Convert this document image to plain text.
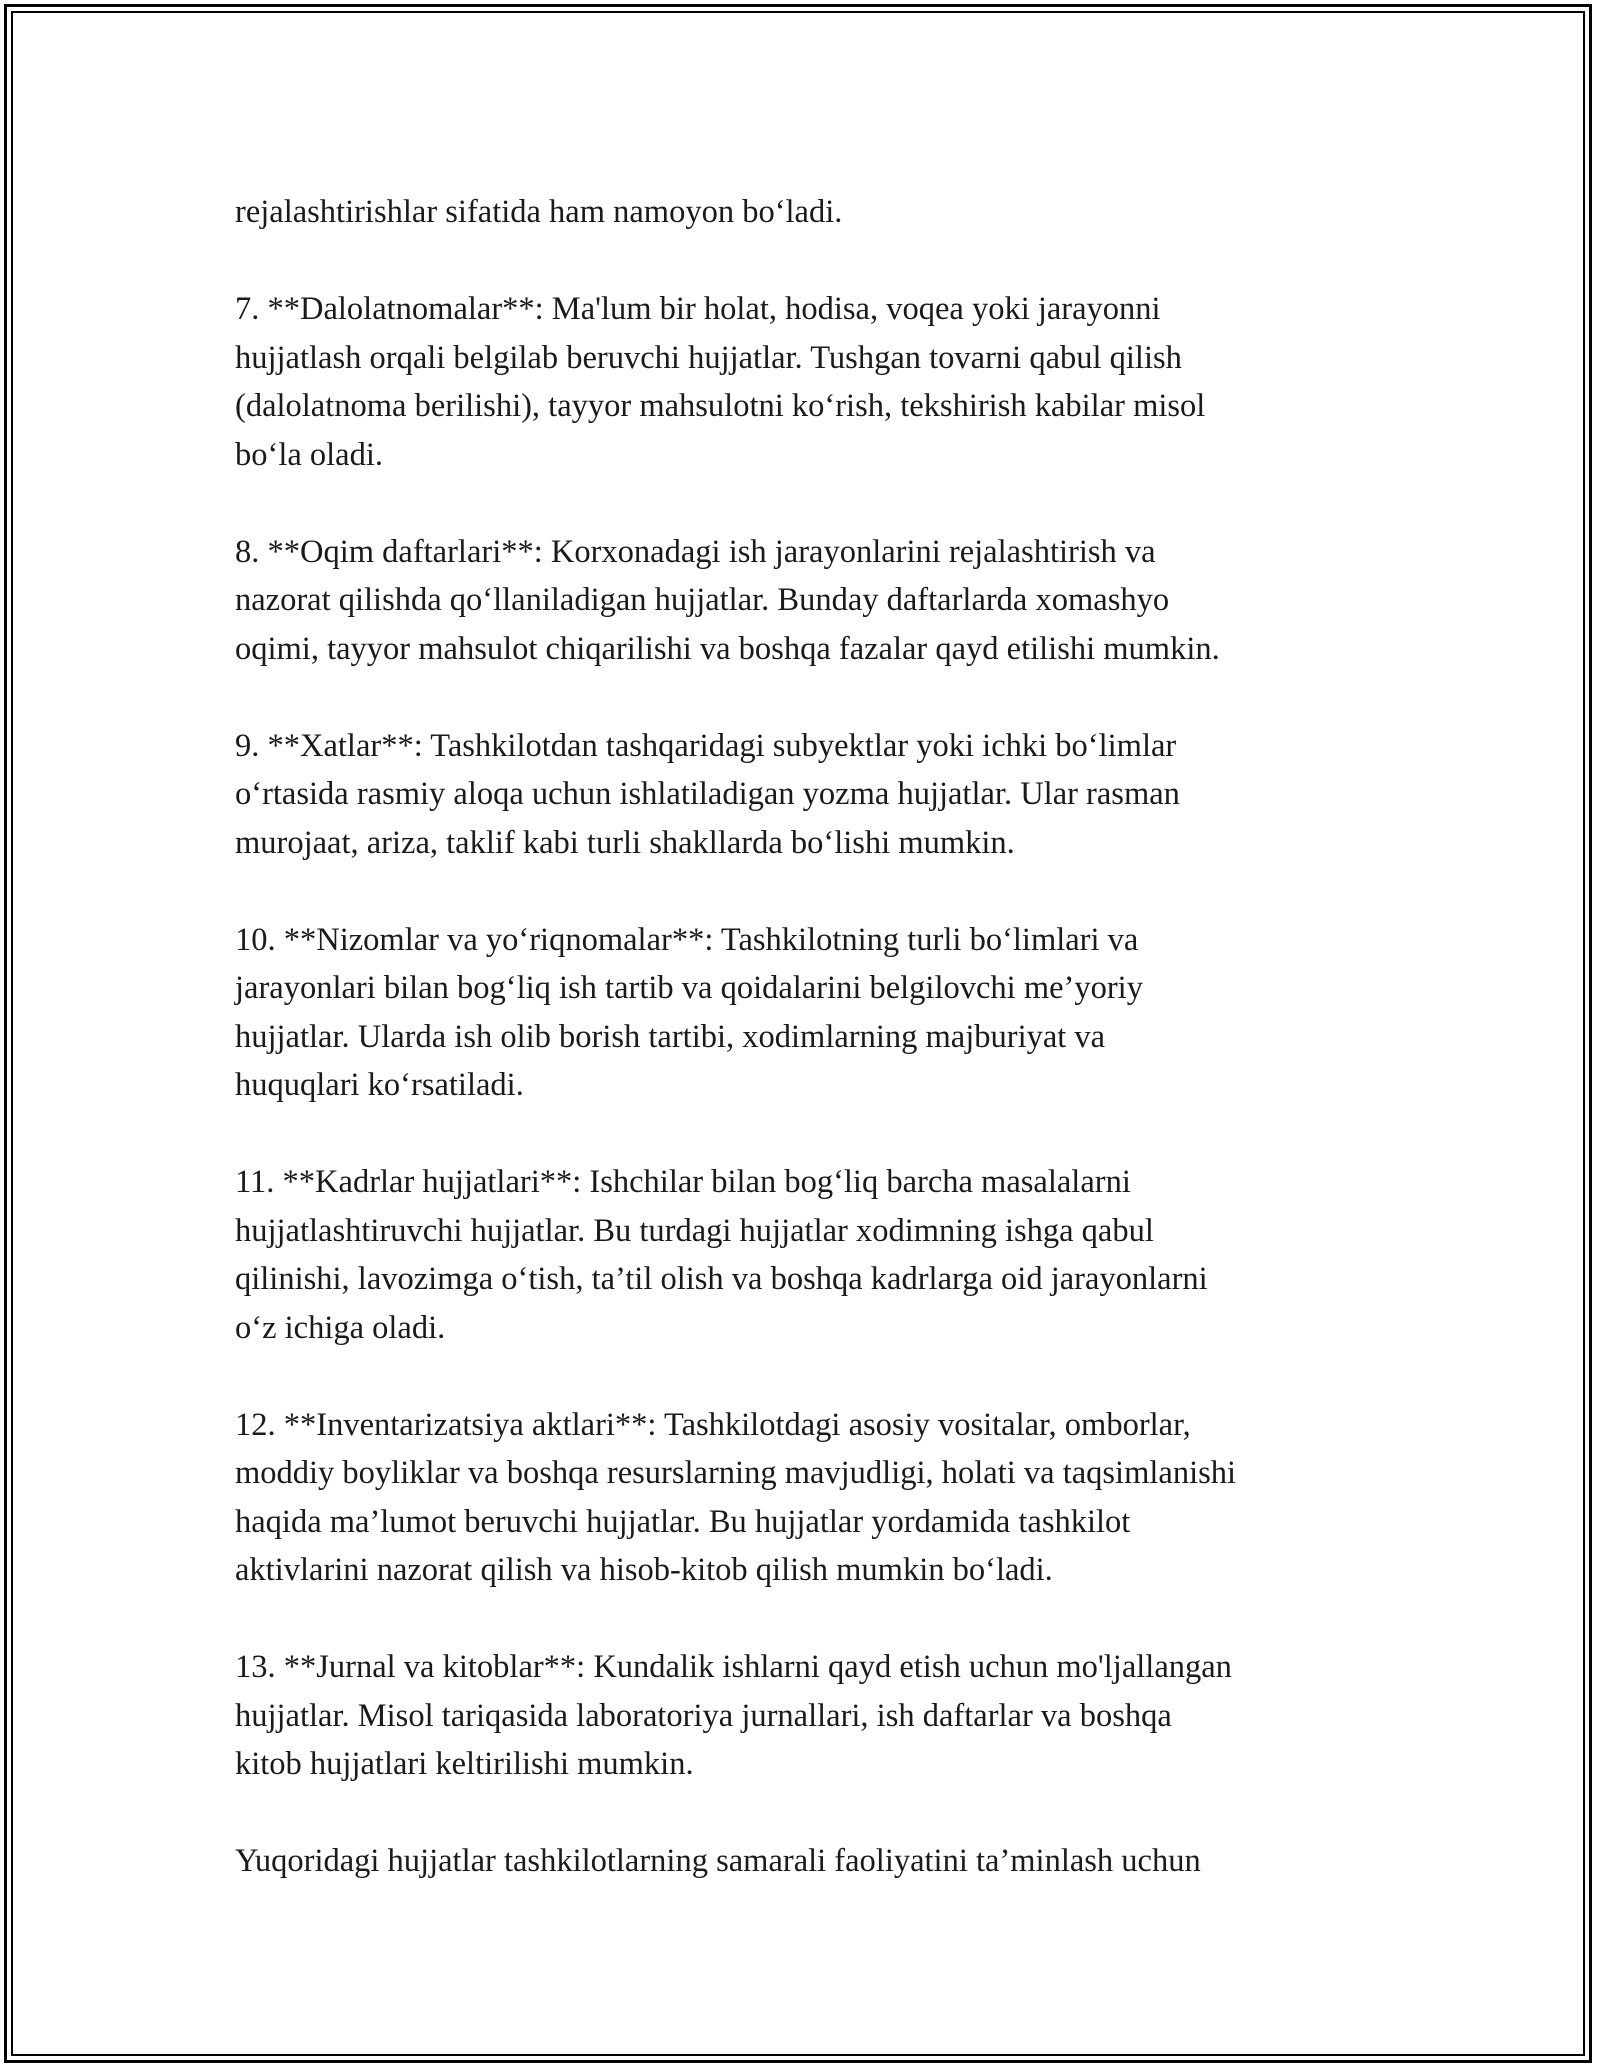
rejalashtirishlar sifatida ham namoyon bo‘ladi.

7. **Dalolatnomalar**: Ma'lum bir holat, hodisa, voqea yoki jarayonni
hujjatlash orqali belgilab beruvchi hujjatlar. Tushgan tovarni qabul qilish
(dalolatnoma berilishi), tayyor mahsulotni ko‘rish, tekshirish kabilar misol
bo‘la oladi.

8. **Oqim daftarlari**: Korxonadagi ish jarayonlarini rejalashtirish va
nazorat qilishda qo‘llaniladigan hujjatlar. Bunday daftarlarda xomashyo
oqimi, tayyor mahsulot chiqarilishi va boshqa fazalar qayd etilishi mumkin.

9. **Xatlar**: Tashkilotdan tashqaridagi subyektlar yoki ichki bo‘limlar
o‘rtasida rasmiy aloqa uchun ishlatiladigan yozma hujjatlar. Ular rasman
murojaat, ariza, taklif kabi turli shakllarda bo‘lishi mumkin.

10. **Nizomlar va yo‘riqnomalar**: Tashkilotning turli bo‘limlari va
jarayonlari bilan bog‘liq ish tartib va qoidalarini belgilovchi me’yoriy
hujjatlar. Ularda ish olib borish tartibi, xodimlarning majburiyat va
huquqlari ko‘rsatiladi.

11. **Kadrlar hujjatlari**: Ishchilar bilan bog‘liq barcha masalalarni
hujjatlashtiruvchi hujjatlar. Bu turdagi hujjatlar xodimning ishga qabul
qilinishi, lavozimga o‘tish, ta’til olish va boshqa kadrlarga oid jarayonlarni
o‘z ichiga oladi.

12. **Inventarizatsiya aktlari**: Tashkilotdagi asosiy vositalar, omborlar,
moddiy boyliklar va boshqa resurslarning mavjudligi, holati va taqsimlanishi
haqida ma’lumot beruvchi hujjatlar. Bu hujjatlar yordamida tashkilot
aktivlarini nazorat qilish va hisob-kitob qilish mumkin bo‘ladi.

13. **Jurnal va kitoblar**: Kundalik ishlarni qayd etish uchun mo'ljallangan
hujjatlar. Misol tariqasida laboratoriya jurnallari, ish daftarlar va boshqa
kitob hujjatlari keltirilishi mumkin.

Yuqoridagi hujjatlar tashkilotlarning samarali faoliyatini ta’minlash uchun
